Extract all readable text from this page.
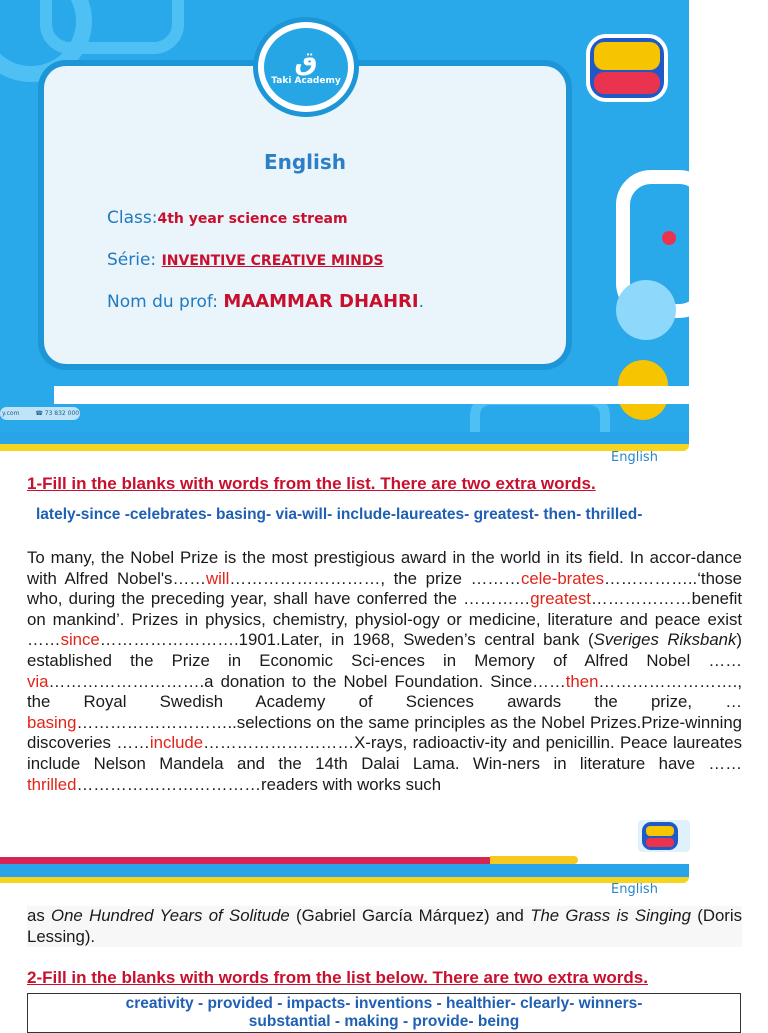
ق
Taki Academy
English
Class:4th year science stream
Série: INVENTIVE CREATIVE MINDS
Nom du prof: MAAMMAR DHAHRI.
y.com	☎ 73 832 000
English
1-Fill in the blanks with words from the list. There are two extra words.
lately-since -celebrates- basing- via-will- include-laureates- greatest- then- thrilled-

To many, the Nobel Prize is the most prestigious award in the world in its field. In accor-dance with Alfred Nobel's……will………………………, the prize ………cele-brates……………..‘those who, during the preceding year, shall have conferred the …………greatest………………benefit on mankind’. Prizes in physics, chemistry, physiol-ogy or medicine, literature and peace exist ……since…………………….1901.Later, in 1968, Sweden’s central bank (Sveriges Riksbank) established the Prize in Economic Sci-ences in Memory of Alfred Nobel ……via……………………….a donation to the Nobel Foundation. Since……then……………………., the Royal Swedish Academy of Sciences awards the prize, …basing………………………..selections on the same principles as the Nobel Prizes.Prize-winning discoveries ……include………………………X-rays, radioactiv-ity and penicillin. Peace laureates include Nelson Mandela and the 14th Dalai Lama. Win-ners in literature have ……thrilled……………………………readers with works such

English

as One Hundred Years of Solitude (Gabriel García Márquez) and The Grass is Singing (Doris Lessing).

2-Fill in the blanks with words from the list below. There are two extra words.
creativity - provided - impacts- inventions - healthier- clearly- winners-
substantial - making - provide- being
